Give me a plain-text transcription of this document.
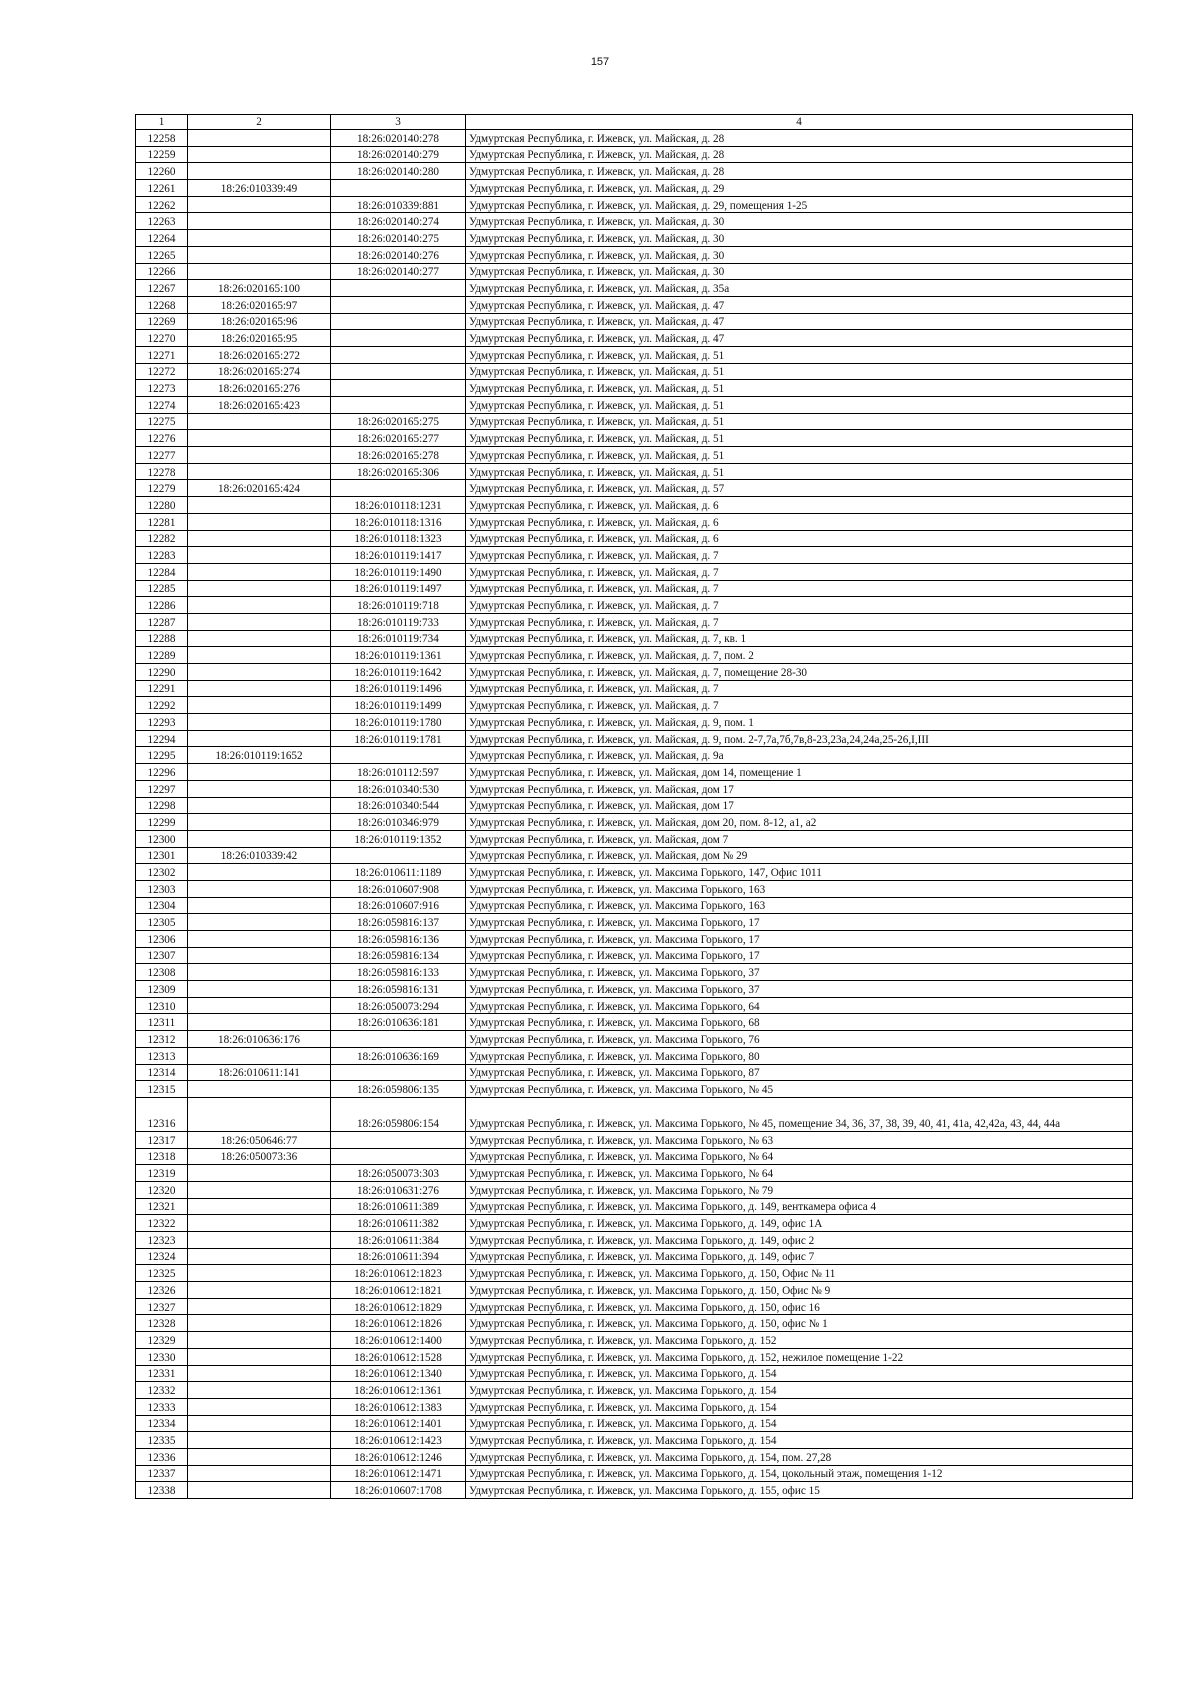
157
1	2	3	4
12258		18:26:020140:278	Удмуртская Республика, г. Ижевск, ул. Майская, д. 28
12259		18:26:020140:279	Удмуртская Республика, г. Ижевск, ул. Майская, д. 28
12260		18:26:020140:280	Удмуртская Республика, г. Ижевск, ул. Майская, д. 28
12261	18:26:010339:49		Удмуртская Республика, г. Ижевск, ул. Майская, д. 29
12262		18:26:010339:881	Удмуртская Республика, г. Ижевск, ул. Майская, д. 29, помещения 1-25
12263		18:26:020140:274	Удмуртская Республика, г. Ижевск, ул. Майская, д. 30
12264		18:26:020140:275	Удмуртская Республика, г. Ижевск, ул. Майская, д. 30
12265		18:26:020140:276	Удмуртская Республика, г. Ижевск, ул. Майская, д. 30
12266		18:26:020140:277	Удмуртская Республика, г. Ижевск, ул. Майская, д. 30
12267	18:26:020165:100		Удмуртская Республика, г. Ижевск, ул. Майская, д. 35а
12268	18:26:020165:97		Удмуртская Республика, г. Ижевск, ул. Майская, д. 47
12269	18:26:020165:96		Удмуртская Республика, г. Ижевск, ул. Майская, д. 47
12270	18:26:020165:95		Удмуртская Республика, г. Ижевск, ул. Майская, д. 47
12271	18:26:020165:272		Удмуртская Республика, г. Ижевск, ул. Майская, д. 51
12272	18:26:020165:274		Удмуртская Республика, г. Ижевск, ул. Майская, д. 51
12273	18:26:020165:276		Удмуртская Республика, г. Ижевск, ул. Майская, д. 51
12274	18:26:020165:423		Удмуртская Республика, г. Ижевск, ул. Майская, д. 51
12275		18:26:020165:275	Удмуртская Республика, г. Ижевск, ул. Майская, д. 51
12276		18:26:020165:277	Удмуртская Республика, г. Ижевск, ул. Майская, д. 51
12277		18:26:020165:278	Удмуртская Республика, г. Ижевск, ул. Майская, д. 51
12278		18:26:020165:306	Удмуртская Республика, г. Ижевск, ул. Майская, д. 51
12279	18:26:020165:424		Удмуртская Республика, г. Ижевск, ул. Майская, д. 57
12280		18:26:010118:1231	Удмуртская Республика, г. Ижевск, ул. Майская, д. 6
12281		18:26:010118:1316	Удмуртская Республика, г. Ижевск, ул. Майская, д. 6
12282		18:26:010118:1323	Удмуртская Республика, г. Ижевск, ул. Майская, д. 6
12283		18:26:010119:1417	Удмуртская Республика, г. Ижевск, ул. Майская, д. 7
12284		18:26:010119:1490	Удмуртская Республика, г. Ижевск, ул. Майская, д. 7
12285		18:26:010119:1497	Удмуртская Республика, г. Ижевск, ул. Майская, д. 7
12286		18:26:010119:718	Удмуртская Республика, г. Ижевск, ул. Майская, д. 7
12287		18:26:010119:733	Удмуртская Республика, г. Ижевск, ул. Майская, д. 7
12288		18:26:010119:734	Удмуртская Республика, г. Ижевск, ул. Майская, д. 7, кв. 1
12289		18:26:010119:1361	Удмуртская Республика, г. Ижевск, ул. Майская, д. 7, пом. 2
12290		18:26:010119:1642	Удмуртская Республика, г. Ижевск, ул. Майская, д. 7, помещение 28-30
12291		18:26:010119:1496	Удмуртская Республика, г. Ижевск, ул. Майская, д. 7
12292		18:26:010119:1499	Удмуртская Республика, г. Ижевск, ул. Майская, д. 7
12293		18:26:010119:1780	Удмуртская Республика, г. Ижевск, ул. Майская, д. 9, пом. 1
12294		18:26:010119:1781	Удмуртская Республика, г. Ижевск, ул. Майская, д. 9, пом. 2-7,7а,7б,7в,8-23,23а,24,24а,25-26,I,III
12295	18:26:010119:1652		Удмуртская Республика, г. Ижевск, ул. Майская, д. 9а
12296		18:26:010112:597	Удмуртская Республика, г. Ижевск, ул. Майская, дом 14, помещение 1
12297		18:26:010340:530	Удмуртская Республика, г. Ижевск, ул. Майская, дом 17
12298		18:26:010340:544	Удмуртская Республика, г. Ижевск, ул. Майская, дом 17
12299		18:26:010346:979	Удмуртская Республика, г. Ижевск, ул. Майская, дом 20, пом. 8-12, а1, а2
12300		18:26:010119:1352	Удмуртская Республика, г. Ижевск, ул. Майская, дом 7
12301	18:26:010339:42		Удмуртская Республика, г. Ижевск, ул. Майская, дом № 29
12302		18:26:010611:1189	Удмуртская Республика, г. Ижевск, ул. Максима Горького, 147, Офис 1011
12303		18:26:010607:908	Удмуртская Республика, г. Ижевск, ул. Максима Горького, 163
12304		18:26:010607:916	Удмуртская Республика, г. Ижевск, ул. Максима Горького, 163
12305		18:26:059816:137	Удмуртская Республика, г. Ижевск, ул. Максима Горького, 17
12306		18:26:059816:136	Удмуртская Республика, г. Ижевск, ул. Максима Горького, 17
12307		18:26:059816:134	Удмуртская Республика, г. Ижевск, ул. Максима Горького, 17
12308		18:26:059816:133	Удмуртская Республика, г. Ижевск, ул. Максима Горького, 37
12309		18:26:059816:131	Удмуртская Республика, г. Ижевск, ул. Максима Горького, 37
12310		18:26:050073:294	Удмуртская Республика, г. Ижевск, ул. Максима Горького, 64
12311		18:26:010636:181	Удмуртская Республика, г. Ижевск, ул. Максима Горького, 68
12312	18:26:010636:176		Удмуртская Республика, г. Ижевск, ул. Максима Горького, 76
12313		18:26:010636:169	Удмуртская Республика, г. Ижевск, ул. Максима Горького, 80
12314	18:26:010611:141		Удмуртская Республика, г. Ижевск, ул. Максима Горького, 87
12315		18:26:059806:135	Удмуртская Республика, г. Ижевск, ул. Максима Горького, № 45
12316		18:26:059806:154	Удмуртская Республика, г. Ижевск, ул. Максима Горького, № 45, помещение 34, 36, 37, 38, 39, 40, 41, 41а, 42,42а, 43, 44, 44а
12317	18:26:050646:77		Удмуртская Республика, г. Ижевск, ул. Максима Горького, № 63
12318	18:26:050073:36		Удмуртская Республика, г. Ижевск, ул. Максима Горького, № 64
12319		18:26:050073:303	Удмуртская Республика, г. Ижевск, ул. Максима Горького, № 64
12320		18:26:010631:276	Удмуртская Республика, г. Ижевск, ул. Максима Горького, № 79
12321		18:26:010611:389	Удмуртская Республика, г. Ижевск, ул. Максима Горького, д. 149, венткамера офиса 4
12322		18:26:010611:382	Удмуртская Республика, г. Ижевск, ул. Максима Горького, д. 149, офис 1А
12323		18:26:010611:384	Удмуртская Республика, г. Ижевск, ул. Максима Горького, д. 149, офис 2
12324		18:26:010611:394	Удмуртская Республика, г. Ижевск, ул. Максима Горького, д. 149, офис 7
12325		18:26:010612:1823	Удмуртская Республика, г. Ижевск, ул. Максима Горького, д. 150, Офис № 11
12326		18:26:010612:1821	Удмуртская Республика, г. Ижевск, ул. Максима Горького, д. 150, Офис № 9
12327		18:26:010612:1829	Удмуртская Республика, г. Ижевск, ул. Максима Горького, д. 150, офис 16
12328		18:26:010612:1826	Удмуртская Республика, г. Ижевск, ул. Максима Горького, д. 150, офис № 1
12329		18:26:010612:1400	Удмуртская Республика, г. Ижевск, ул. Максима Горького, д. 152
12330		18:26:010612:1528	Удмуртская Республика, г. Ижевск, ул. Максима Горького, д. 152, нежилое помещение 1-22
12331		18:26:010612:1340	Удмуртская Республика, г. Ижевск, ул. Максима Горького, д. 154
12332		18:26:010612:1361	Удмуртская Республика, г. Ижевск, ул. Максима Горького, д. 154
12333		18:26:010612:1383	Удмуртская Республика, г. Ижевск, ул. Максима Горького, д. 154
12334		18:26:010612:1401	Удмуртская Республика, г. Ижевск, ул. Максима Горького, д. 154
12335		18:26:010612:1423	Удмуртская Республика, г. Ижевск, ул. Максима Горького, д. 154
12336		18:26:010612:1246	Удмуртская Республика, г. Ижевск, ул. Максима Горького, д. 154, пом. 27,28
12337		18:26:010612:1471	Удмуртская Республика, г. Ижевск, ул. Максима Горького, д. 154, цокольный этаж, помещения 1-12
12338		18:26:010607:1708	Удмуртская Республика, г. Ижевск, ул. Максима Горького, д. 155, офис 15
